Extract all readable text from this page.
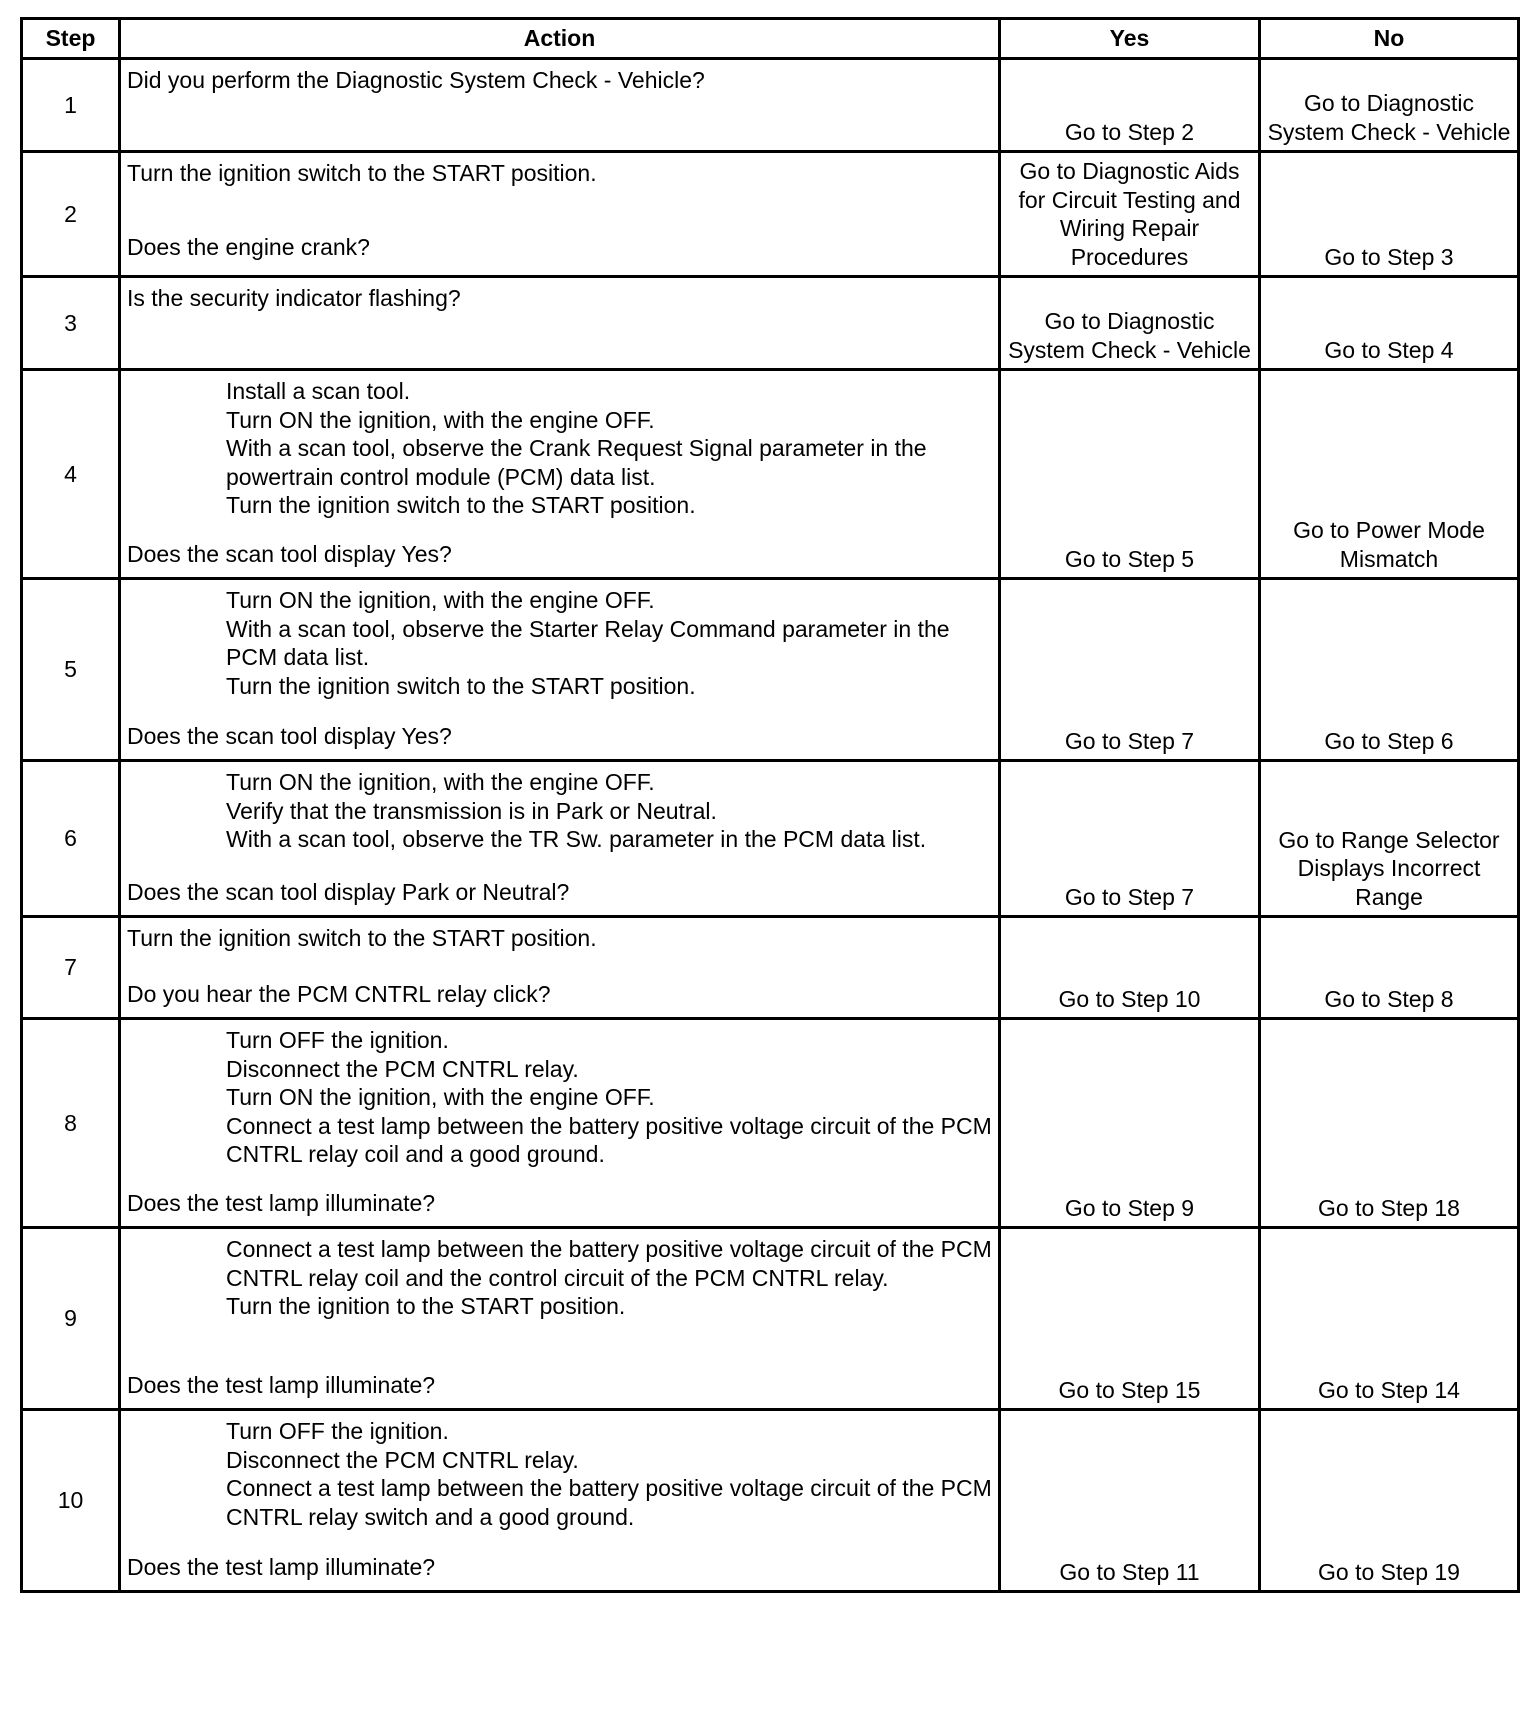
Step	Action	Yes	No
1	Did you perform the Diagnostic System Check - Vehicle?	Go to Step 2	Go to Diagnostic System Check - Vehicle
2	Turn the ignition switch to the START position.
Does the engine crank?	Go to Diagnostic Aids for Circuit Testing and Wiring Repair Procedures	Go to Step 3
3	Is the security indicator flashing?	Go to Diagnostic System Check - Vehicle	Go to Step 4
4	Install a scan tool.
Turn ON the ignition, with the engine OFF.
With a scan tool, observe the Crank Request Signal parameter in the powertrain control module (PCM) data list.
Turn the ignition switch to the START position.
Does the scan tool display Yes?	Go to Step 5	Go to Power Mode Mismatch
5	Turn ON the ignition, with the engine OFF.
With a scan tool, observe the Starter Relay Command parameter in the PCM data list.
Turn the ignition switch to the START position.
Does the scan tool display Yes?	Go to Step 7	Go to Step 6
6	Turn ON the ignition, with the engine OFF.
Verify that the transmission is in Park or Neutral.
With a scan tool, observe the TR Sw. parameter in the PCM data list.
Does the scan tool display Park or Neutral?	Go to Step 7	Go to Range Selector Displays Incorrect Range
7	Turn the ignition switch to the START position.
Do you hear the PCM CNTRL relay click?	Go to Step 10	Go to Step 8
8	Turn OFF the ignition.
Disconnect the PCM CNTRL relay.
Turn ON the ignition, with the engine OFF.
Connect a test lamp between the battery positive voltage circuit of the PCM CNTRL relay coil and a good ground.
Does the test lamp illuminate?	Go to Step 9	Go to Step 18
9	Connect a test lamp between the battery positive voltage circuit of the PCM CNTRL relay coil and the control circuit of the PCM CNTRL relay.
Turn the ignition to the START position.
Does the test lamp illuminate?	Go to Step 15	Go to Step 14
10	Turn OFF the ignition.
Disconnect the PCM CNTRL relay.
Connect a test lamp between the battery positive voltage circuit of the PCM CNTRL relay switch and a good ground.
Does the test lamp illuminate?	Go to Step 11	Go to Step 19
